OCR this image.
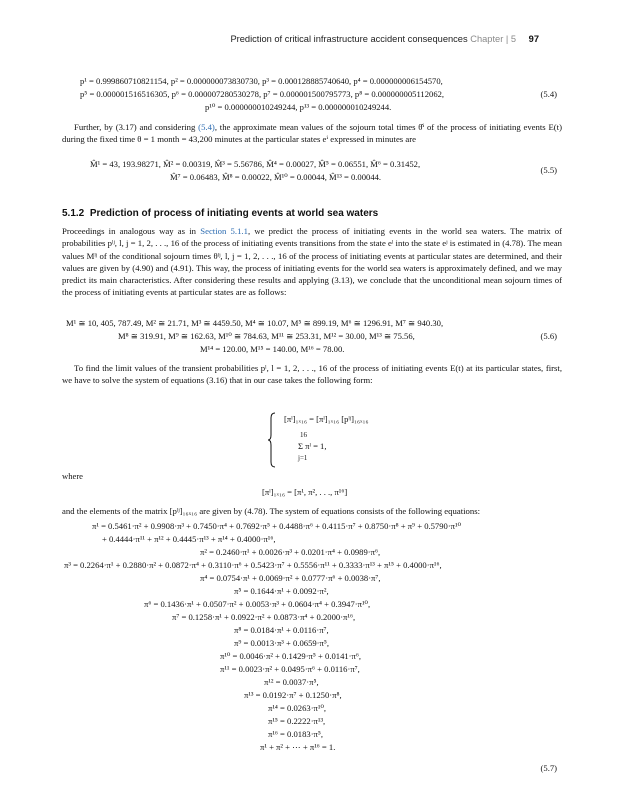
Prediction of critical infrastructure accident consequences Chapter | 5 97
p¹ = 0.999860710821154, p² = 0.000000073830730, p³ = 0.000128885740640, p⁴ = 0.000000006154570,
p⁵ = 0.000001516516305, p⁶ = 0.000007280530278, p⁷ = 0.000001500795773, p⁸ = 0.000000005112062,
p¹⁰ = 0.000000010249244, p¹³ = 0.000000010249244.
(5.4)
Further, by (3.17) and considering (5.4), the approximate mean values of the sojourn total times θ̂ⁱ of the process of initiating events E(t) during the fixed time θ = 1 month = 43,200 minutes at the particular states eⁱ expressed in minutes are
M̂¹ = 43, 193.98271, M̂² = 0.00319, M̂³ = 5.56786, M̂⁴ = 0.00027, M̂⁵ = 0.06551, M̂⁶ = 0.31452,
M̂⁷ = 0.06483, M̂⁸ = 0.00022, M̂¹⁰ = 0.00044, M̂¹³ = 0.00044.
(5.5)
5.1.2 Prediction of process of initiating events at world sea waters
Proceedings in analogous way as in Section 5.1.1, we predict the process of initiating events in the world sea waters. The matrix of probabilities pˡʲ, l, j = 1, 2, . . ., 16 of the process of initiating events transitions from the state eˡ into the state eʲ is estimated in (4.78). The mean values Mˡʲ of the conditional sojourn times θˡʲ, l, j = 1, 2, . . ., 16 of the process of initiating events at particular states are determined, and their values are given by (4.90) and (4.91). This way, the process of initiating events for the world sea waters is approximately defined, and we may predict its main characteristics. After considering these results and applying (3.13), we conclude that the unconditional mean sojourn times of the process of initiating events at particular states are as follows:
M¹ ≅ 10, 405, 787.49, M² ≅ 21.71, M³ ≅ 4459.50, M⁴ ≅ 10.07, M⁵ ≅ 899.19, M⁶ ≅ 1296.91, M⁷ ≅ 940.30,
M⁸ ≅ 319.91, M⁹ ≅ 162.63, M¹⁰ ≅ 784.63, M¹¹ ≅ 253.31, M¹² = 30.00, M¹³ ≅ 75.56,
M¹⁴ = 120.00, M¹⁵ = 140.00, M¹⁶ = 78.00.
(5.6)
To find the limit values of the transient probabilities pˡ, l = 1, 2, . . ., 16 of the process of initiating events E(t) at its particular states, first, we have to solve the system of equations (3.16) that in our case takes the following form:
[πˡ]₁ₓ₁₆ = [πˡ]₁ₓ₁₆ [pˡʲ]₁₆ₓ₁₆
16
Σ πˡ = 1,
j=1
where
[πˡ]₁ₓ₁₆ = [π¹, π², . . ., π¹⁶]
and the elements of the matrix [pˡʲ]₁₆ₓ₁₆ are given by (4.78). The system of equations consists of the following equations:
π¹ = 0.5461·π² + 0.9908·π³ + 0.7450·π⁴ + 0.7692·π⁵ + 0.4488·π⁶ + 0.4115·π⁷ + 0.8750·π⁸ + π⁹ + 0.5790·π¹⁰
+ 0.4444·π¹¹ + π¹² + 0.4445·π¹³ + π¹⁴ + 0.4000·π¹⁶,
π² = 0.2460·π¹ + 0.0026·π³ + 0.0201·π⁴ + 0.0989·π⁶,
π³ = 0.2264·π¹ + 0.2880·π² + 0.0872·π⁴ + 0.3110·π⁶ + 0.5423·π⁷ + 0.5556·π¹¹ + 0.3333·π¹³ + π¹⁵ + 0.4000·π¹⁶,
π⁴ = 0.0754·π¹ + 0.0069·π² + 0.0777·π⁶ + 0.0038·π⁷,
π⁵ = 0.1644·π¹ + 0.0092·π²,
π⁶ = 0.1436·π¹ + 0.0507·π² + 0.0053·π³ + 0.0604·π⁴ + 0.3947·π¹⁰,
π⁷ = 0.1258·π¹ + 0.0922·π² + 0.0873·π⁴ + 0.2000·π¹⁶,
π⁸ = 0.0184·π¹ + 0.0116·π⁷,
π⁹ = 0.0013·π³ + 0.0659·π⁵,
π¹⁰ = 0.0046·π² + 0.1429·π⁵ + 0.0141·π⁶,
π¹¹ = 0.0023·π² + 0.0495·π⁶ + 0.0116·π⁷,
π¹² = 0.0037·π⁵,
π¹³ = 0.0192·π⁷ + 0.1250·π⁸,
π¹⁴ = 0.0263·π¹⁰,
π¹⁵ = 0.2222·π¹³,
π¹⁶ = 0.0183·π⁵,
π¹ + π² + ⋯ + π¹⁶ = 1.
(5.7)
